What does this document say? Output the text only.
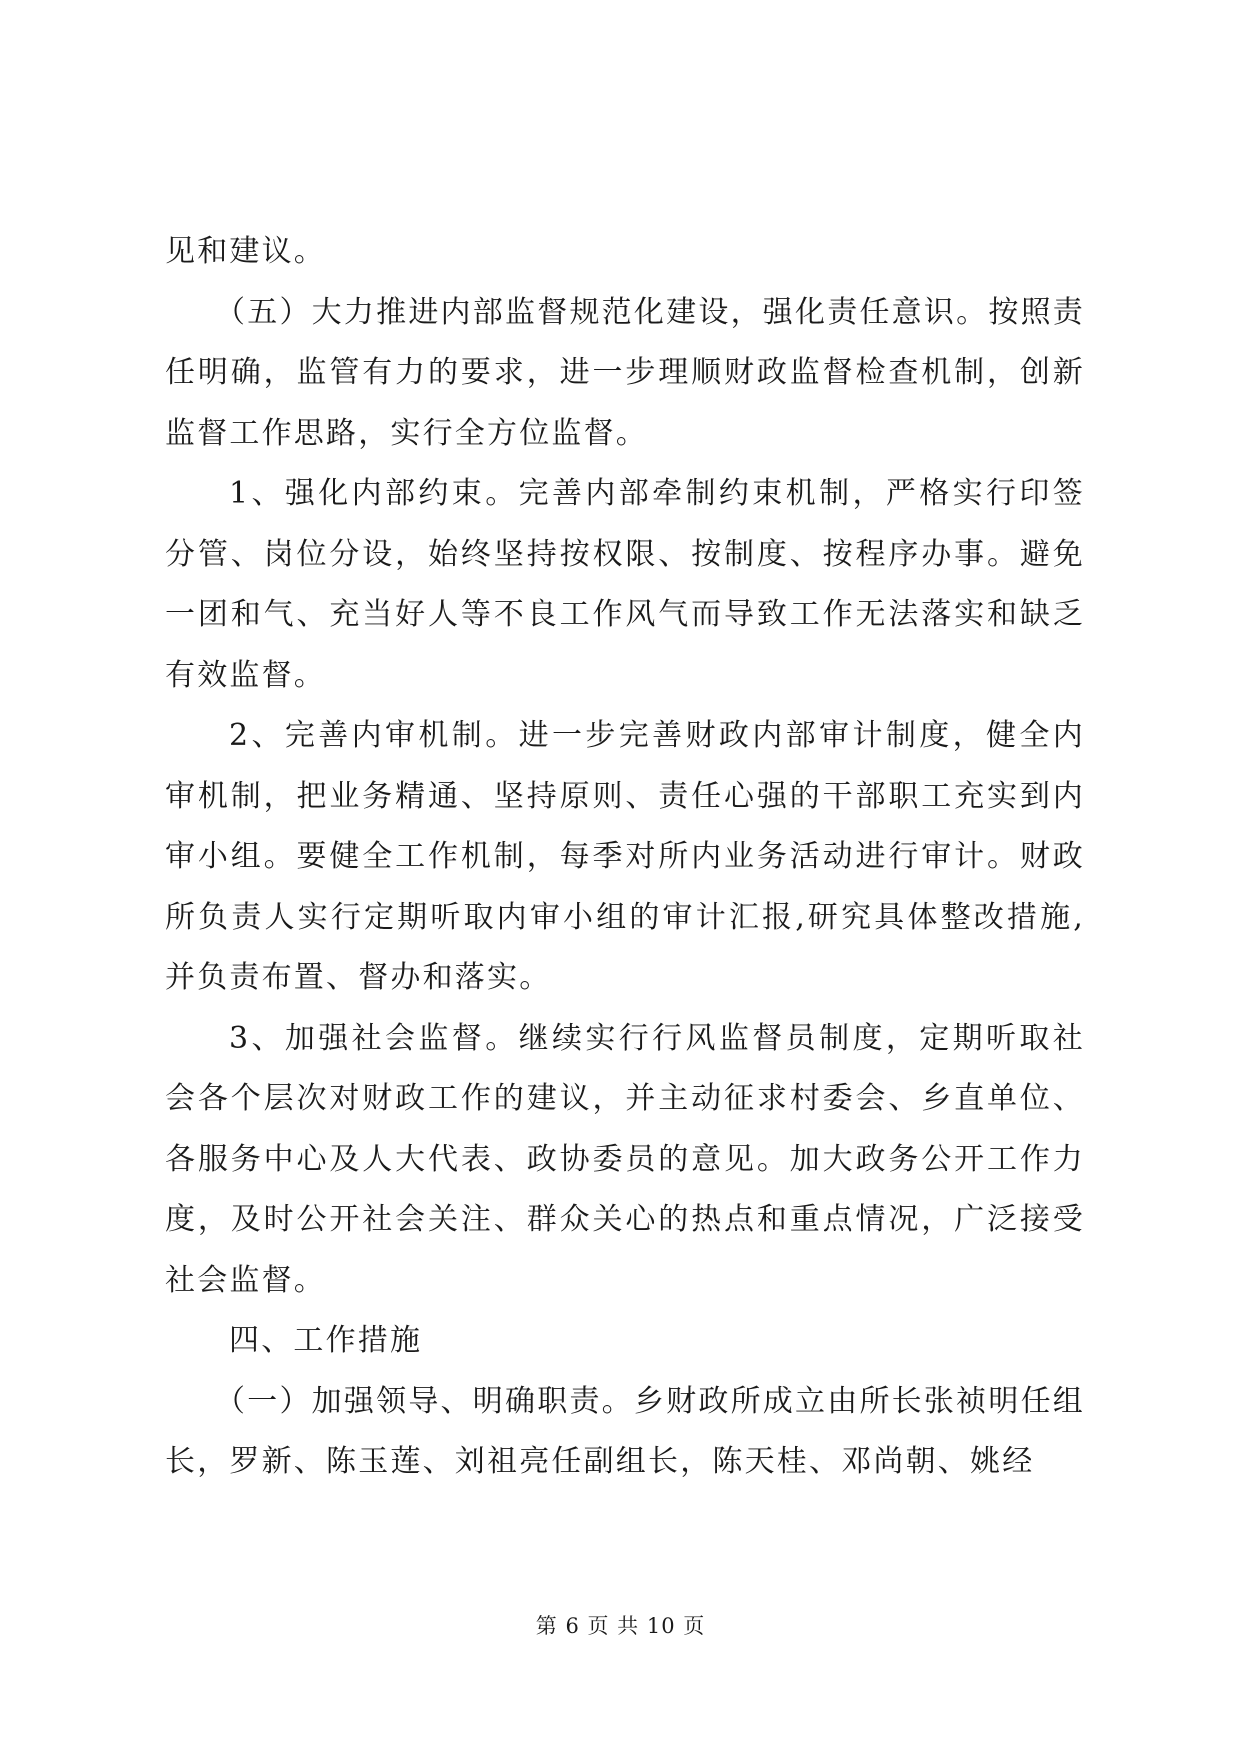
见和建议。

（五）大力推进内部监督规范化建设，强化责任意识。按照责任明确，监管有力的要求，进一步理顺财政监督检查机制，创新监督工作思路，实行全方位监督。

1、强化内部约束。完善内部牵制约束机制，严格实行印签分管、岗位分设，始终坚持按权限、按制度、按程序办事。避免一团和气、充当好人等不良工作风气而导致工作无法落实和缺乏有效监督。

2、完善内审机制。进一步完善财政内部审计制度，健全内审机制，把业务精通、坚持原则、责任心强的干部职工充实到内审小组。要健全工作机制，每季对所内业务活动进行审计。财政所负责人实行定期听取内审小组的审计汇报,研究具体整改措施,并负责布置、督办和落实。

3、加强社会监督。继续实行行风监督员制度，定期听取社会各个层次对财政工作的建议，并主动征求村委会、乡直单位、各服务中心及人大代表、政协委员的意见。加大政务公开工作力度，及时公开社会关注、群众关心的热点和重点情况，广泛接受社会监督。

四、工作措施

（一）加强领导、明确职责。乡财政所成立由所长张祯明任组长，罗新、陈玉莲、刘祖亮任副组长，陈天桂、邓尚朝、姚经

第 6 页 共 10 页
